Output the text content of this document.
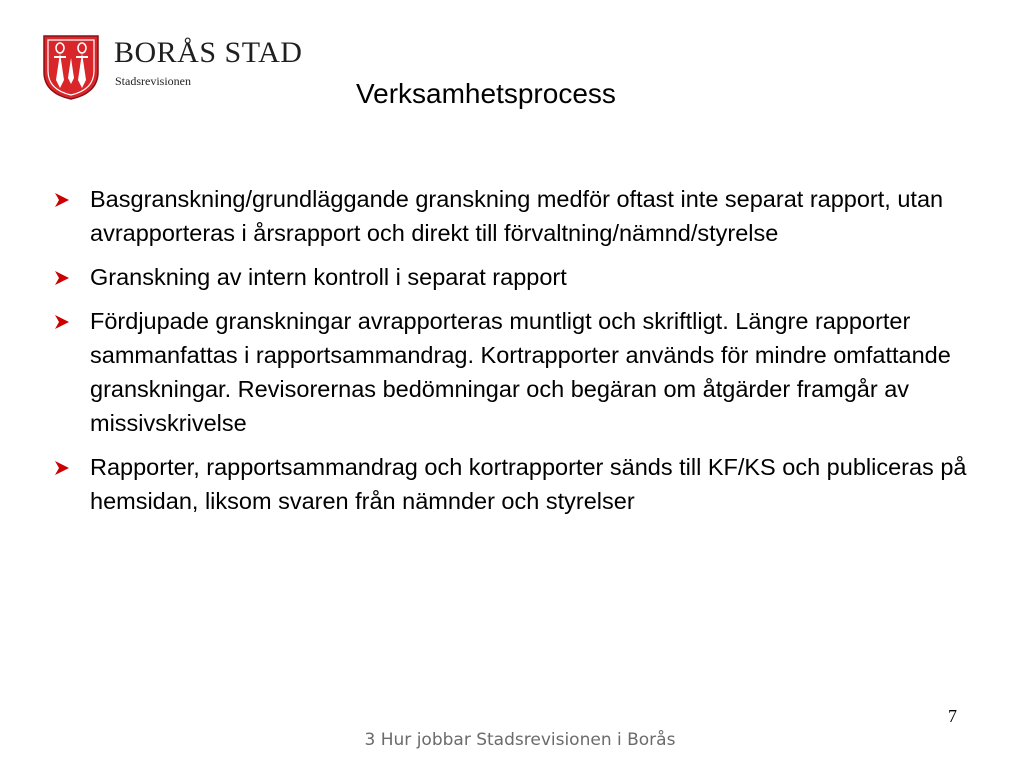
BORÅS STAD
Stadsrevisionen	Verksamhetsprocess
Basgranskning/grundläggande granskning medför oftast inte separat rapport, utan avrapporteras i årsrapport och direkt till förvaltning/nämnd/styrelse
Granskning av intern kontroll i separat rapport
Fördjupade granskningar avrapporteras muntligt och skriftligt. Längre rapporter sammanfattas i rapportsammandrag. Kortrapporter används för mindre omfattande granskningar. Revisorernas bedömningar och begäran om åtgärder framgår av missivskrivelse
Rapporter, rapportsammandrag och kortrapporter sänds till KF/KS och publiceras på hemsidan, liksom svaren från nämnder och styrelser
7
3 Hur jobbar Stadsrevisionen i Borås
